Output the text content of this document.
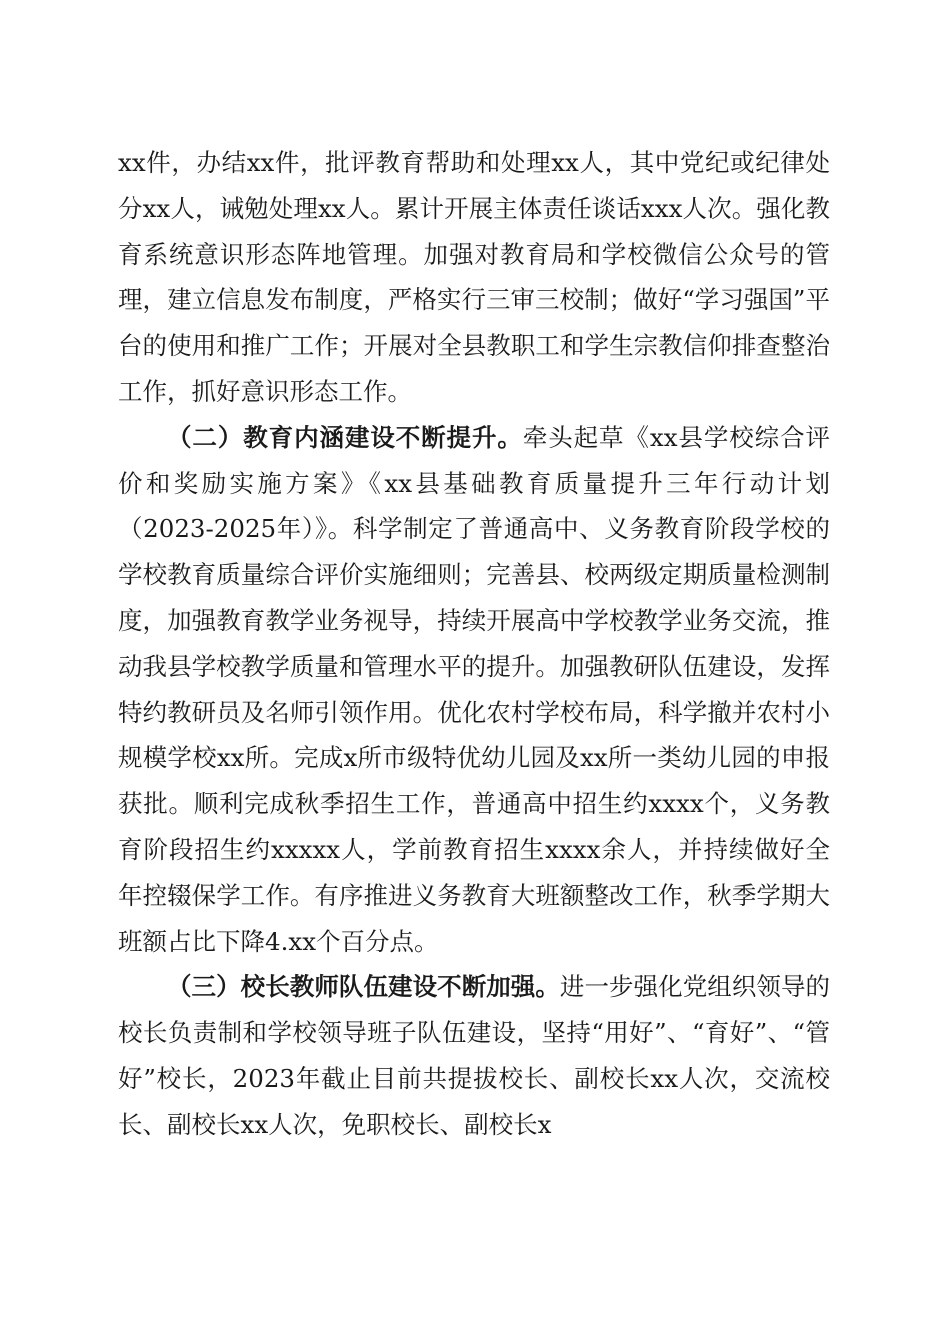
xx件，办结xx件，批评教育帮助和处理xx人，其中党纪或纪律处分xx人，诫勉处理xx人。累计开展主体责任谈话xxx人次。强化教育系统意识形态阵地管理。加强对教育局和学校微信公众号的管理，建立信息发布制度，严格实行三审三校制；做好“学习强国”平台的使用和推广工作；开展对全县教职工和学生宗教信仰排查整治工作，抓好意识形态工作。

（二）教育内涵建设不断提升。牵头起草《xx县学校综合评价和奖励实施方案》《xx县基础教育质量提升三年行动计划（2023-2025年）》。科学制定了普通高中、义务教育阶段学校的学校教育质量综合评价实施细则；完善县、校两级定期质量检测制度，加强教育教学业务视导，持续开展高中学校教学业务交流，推动我县学校教学质量和管理水平的提升。加强教研队伍建设，发挥特约教研员及名师引领作用。优化农村学校布局，科学撤并农村小规模学校xx所。完成x所市级特优幼儿园及xx所一类幼儿园的申报获批。顺利完成秋季招生工作，普通高中招生约xxxx个，义务教育阶段招生约xxxxx人，学前教育招生xxxx余人，并持续做好全年控辍保学工作。有序推进义务教育大班额整改工作，秋季学期大班额占比下降4.xx个百分点。

（三）校长教师队伍建设不断加强。进一步强化党组织领导的校长负责制和学校领导班子队伍建设，坚持“用好”、“育好”、“管好”校长，2023年截止目前共提拔校长、副校长xx人次，交流校长、副校长xx人次，免职校长、副校长x
